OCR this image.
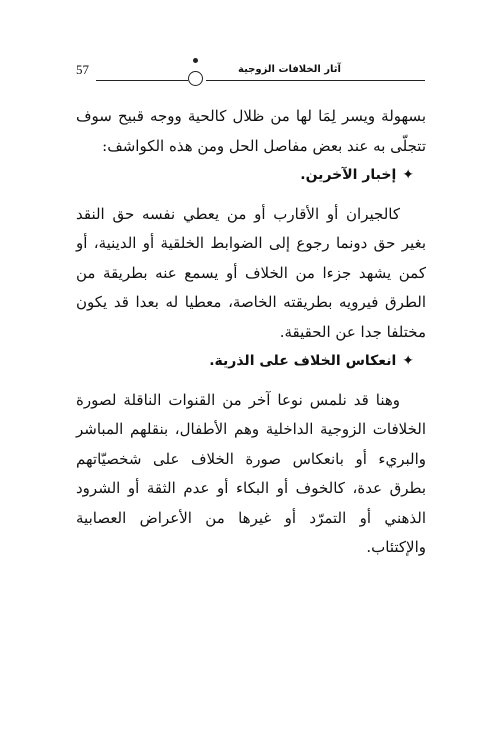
57	آثار الخلافات الزوجية

بسهولة ويسر لِمَا لها من ظلال كالحية ووجه قبيح سوف تتجلّى به عند بعض مفاصل الحل ومن هذه الكواشف:

✦إخبار الآخرين.

كالجيران أو الأقارب أو من يعطي نفسه حق النقد بغير حق دونما رجوع إلى الضوابط الخلقية أو الدينية، أو كمن يشهد جزءا من الخلاف أو يسمع عنه بطريقة من الطرق فيرويه بطريقته الخاصة، معطيا له بعدا قد يكون مختلفا جدا عن الحقيقة.

✦انعكاس الخلاف على الذرية.

وهنا قد نلمس نوعا آخر من القنوات الناقلة لصورة الخلافات الزوجية الداخلية وهم الأطفال، بنقلهم المباشر والبريء أو بانعكاس صورة الخلاف على شخصيّاتهم بطرق عدة، كالخوف أو البكاء أو عدم الثقة أو الشرود الذهني أو التمرّد أو غيرها من الأعراض العصابية والإكتئاب.
